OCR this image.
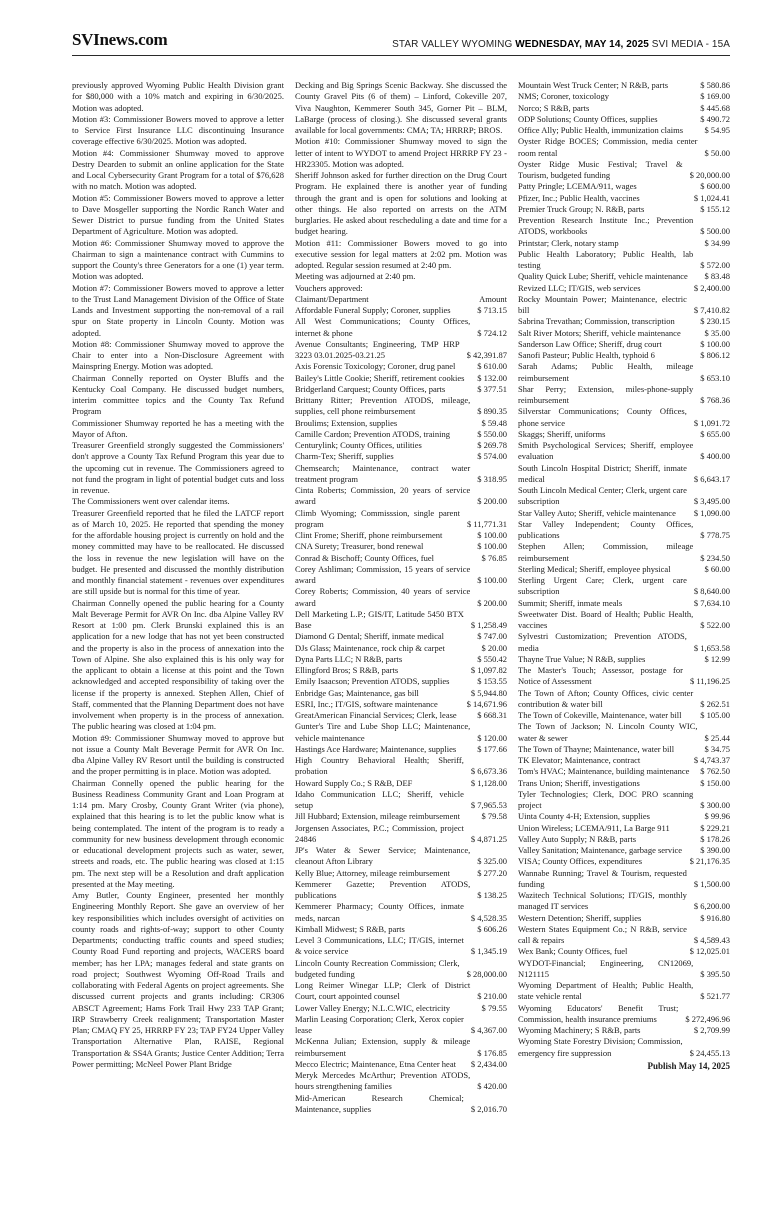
SVInews.com	STAR VALLEY WYOMING WEDNESDAY, MAY 14, 2025 SVI MEDIA - 15A

previously approved Wyoming Public Health Division grant for $80,000 with a 10% match and expiring in 6/30/2025. Motion was adopted.

Motion #3: Commissioner Bowers moved to approve a letter to Service First Insurance LLC discontinuing Insurance coverage effective 6/30/2025. Motion was adopted.

Motion #4: Commissioner Shumway moved to approve Destry Dearden to submit an online application for the State and Local Cybersecurity Grant Program for a total of $76,628 with no match. Motion was adopted.

Motion #5: Commissioner Bowers moved to approve a letter to Dave Mosgeller supporting the Nordic Ranch Water and Sewer District to pursue funding from the United States Department of Agriculture. Motion was adopted.

Motion #6: Commissioner Shumway moved to approve the Chairman to sign a maintenance contract with Cummins to support the County's three Generators for a one (1) year term. Motion was adopted.

Motion #7: Commissioner Bowers moved to approve a letter to the Trust Land Management Division of the Office of State Lands and Investment supporting the non-removal of a rail spur on State property in Lincoln County. Motion was adopted.

Motion #8: Commissioner Shumway moved to approve the Chair to enter into a Non-Disclosure Agreement with Mainspring Energy. Motion was adopted.

Chairman Connelly reported on Oyster Bluffs and the Kentucky Coal Company. He discussed budget numbers, interim committee topics and the County Tax Refund Program

Commissioner Shumway reported he has a meeting with the Mayor of Afton.

Treasurer Greenfield strongly suggested the Commissioners' don't approve a County Tax Refund Program this year due to the upcoming cut in revenue. The Commissioners agreed to not fund the program in light of potential budget cuts and loss in revenue.

The Commissioners went over calendar items.

Treasurer Greenfield reported that he filed the LATCF report as of March 10, 2025. He reported that spending the money for the affordable housing project is currently on hold and the money committed may have to be reallocated. He discussed the loss in revenue the new legislation will have on the budget. He presented and discussed the monthly distribution and monthly financial statement - revenues over expenditures are still upside but is normal for this time of year.

Chairman Connelly opened the public hearing for a County Malt Beverage Permit for AVR On Inc. dba Alpine Valley RV Resort at 1:00 pm. Clerk Brunski explained this is an application for a new lodge that has not yet been constructed and the property is also in the process of annexation into the Town of Alpine. She also explained this is his only way for the applicant to obtain a license at this point and the Town acknowledged and accepted responsibility of taking over the license if the property is annexed. Stephen Allen, Chief of Staff, commented that the Planning Department does not have involvement when property is in the process of annexation. The public hearing was closed at 1:04 pm.

Motion #9: Commissioner Shumway moved to approve but not issue a County Malt Beverage Permit for AVR On Inc. dba Alpine Valley RV Resort until the building is constructed and the proper permitting is in place. Motion was adopted.

Chairman Connelly opened the public hearing for the Business Readiness Community Grant and Loan Program at 1:14 pm. Mary Crosby, County Grant Writer (via phone), explained that this hearing is to let the public know what is being contemplated. The intent of the program is to ready a community for new business development through economic or educational development projects such as water, sewer, streets and roads, etc. The public hearing was closed at 1:15 pm. The next step will be a Resolution and draft application presented at the May meeting.

Amy Butler, County Engineer, presented her monthly Engineering Monthly Report. She gave an overview of her key responsibilities which includes oversight of activities on county roads and rights-of-way; support to other County Departments; conducting traffic counts and speed studies; County Road Fund reporting and projects, WACERS board member; has her LPA; manages federal and state grants on road project; Southwest Wyoming Off-Road Trails and collaborating with Federal Agents on project agreements. She discussed current projects and grants including: CR306 ABSCT Agreement; Hams Fork Trail Hwy 233 TAP Grant; IRP Strawberry Creek realignment; Transportation Master Plan; CMAQ FY 25, HRRRP FY 23; TAP FY24 Upper Valley Transportation Alternative Plan, RAISE, Regional Transportation & SS4A Grants; Justice Center Addition; Terra Power permitting; McNeel Power Plant Bridge

Decking and Big Springs Scenic Backway. She discussed the County Gravel Pits (6 of them) – Linford, Cokeville 207, Viva Naughton, Kemmerer South 345, Gorner Pit – BLM, LaBarge (process of closing.). She discussed several grants available for local governments: CMA; TA; HRRRP; BROS.

Motion #10: Commissioner Shumway moved to sign the letter of intent to WYDOT to amend Project HRRRP FY 23 - HR23305. Motion was adopted.

Sheriff Johnson asked for further direction on the Drug Court Program. He explained there is another year of funding through the grant and is open for solutions and looking at other things. He also reported on arrests on the ATM burglaries. He asked about rescheduling a date and time for a budget hearing.

Motion #11: Commissioner Bowers moved to go into executive session for legal matters at 2:02 pm. Motion was adopted. Regular session resumed at 2:40 pm.

Meeting was adjourned at 2:40 pm.

Vouchers approved:

Claimant/Department	Amount
Affordable Funeral Supply; Coroner, supplies	$ 713.15
All West Communications; County Offices, internet & phone	$ 724.12
Avenue Consultants; Engineering, TMP HRP 3223 03.01.2025-03.21.25	$ 42,391.87
Axis Forensic Toxicology; Coroner, drug panel	$ 610.00
Bailey's Little Cookie; Sheriff, retirement cookies	$ 132.00
Bridgerland Carquest; County Offices, parts	$ 377.51
Brittany Ritter; Prevention ATODS, mileage, supplies, cell phone reimbursement	$ 890.35
Broulims; Extension, supplies	$ 59.48
Camille Cardon; Prevention ATODS, training	$ 550.00
Centurylink; County Offices, utilities	$ 269.78
Charm-Tex; Sheriff, supplies	$ 574.00
Chemsearch; Maintenance, contract water treatment program	$ 318.95
Cinta Roberts; Commission, 20 years of service award	$ 200.00
Climb Wyoming; Commisssion, single parent program	$ 11,771.31
Clint Frome; Sheriff, phone reimbursement	$ 100.00
CNA Surety; Treasurer, bond renewal	$ 100.00
Conrad & Bischoff; County Offices, fuel	$ 76.85
Corey Ashliman; Commission, 15 years of service award	$ 100.00
Corey Roberts; Commission, 40 years of service award	$ 200.00
Dell Marketing L.P.; GIS/IT, Latitude 5450 BTX Base	$ 1,258.49
Diamond G Dental; Sheriff, inmate medical	$ 747.00
DJs Glass; Maintenance, rock chip & carpet	$ 20.00
Dyna Parts LLC; N R&B, parts	$ 550.42
Ellingford Bros; S R&B, parts	$ 1,097.82
Emily Isaacson; Prevention ATODS, supplies	$ 153.55
Enbridge Gas; Maintenance, gas bill	$ 5,944.80
ESRI, Inc.; IT/GIS, software maintenance	$ 14,671.96
GreatAmerican Financial Services; Clerk, lease	$ 668.31
Gunter's Tire and Lube Shop LLC; Maintenance, vehicle maintenance	$ 120.00
Hastings Ace Hardware; Maintenance, supplies	$ 177.66
High Country Behavioral Health; Sheriff, probation	$ 6,673.36
Howard Supply Co.; S R&B, DEF	$ 1,128.00
Idaho Communication LLC; Sheriff, vehicle setup	$ 7,965.53
Jill Hubbard; Extension, mileage reimbursement	$ 79.58
Jorgensen Associates, P.C.; Commission, project 24846	$ 4,871.25
JP's Water & Sewer Service; Maintenance, cleanout Afton Library	$ 325.00
Kelly Blue; Attorney, mileage reimbursement	$ 277.20
Kemmerer Gazette; Prevention ATODS, publications	$ 138.25
Kemmerer Pharmacy; County Offices, inmate meds, narcan	$ 4,528.35
Kimball Midwest; S R&B, parts	$ 606.26
Level 3 Communications, LLC; IT/GIS, internet & voice service	$ 1,345.19
Lincoln County Recreation Commission; Clerk, budgeted funding	$ 28,000.00
Long Reimer Winegar LLP; Clerk of District Court, court appointed counsel	$ 210.00
Lower Valley Energy; N.L.C.WIC, electricity	$ 79.55
Marlin Leasing Corporation; Clerk, Xerox copier lease	$ 4,367.00
McKenna Julian; Extension, supply & mileage reimbursement	$ 176.85
Mecco Electric; Maintenance, Etna Center heat	$ 2,434.00
Meryk Mercedes McArthur; Prevention ATODS, hours strengthening families	$ 420.00
Mid-American Research Chemical; Maintenance, supplies	$ 2,016.70
Mountain West Truck Center; N R&B, parts	$ 580.86
NMS; Coroner, toxicology	$ 169.00
Norco; S R&B, parts	$ 445.68
ODP Solutions; County Offices, supplies	$ 490.72
Office Ally; Public Health, immunization claims	$ 54.95
Oyster Ridge BOCES; Commission, media center room rental	$ 50.00
Oyster Ridge Music Festival; Travel & Tourism, budgeted funding	$ 20,000.00
Patty Pringle; LCEMA/911, wages	$ 600.00
Pfizer, Inc.; Public Health, vaccines	$ 1,024.41
Premier Truck Group; N. R&B, parts	$ 155.12
Prevention Research Institute Inc.; Prevention ATODS, workbooks	$ 500.00
Printstar; Clerk, notary stamp	$ 34.99
Public Health Laboratory; Public Health, lab testing	$ 572.00
Quality Quick Lube; Sheriff, vehicle maintenance	$ 83.48
Revized LLC; IT/GIS, web services	$ 2,400.00
Rocky Mountain Power; Maintenance, electric bill	$ 7,410.82
Sabrina Trevathan; Commission, transcription	$ 230.15
Salt River Motors; Sheriff, vehicle maintenance	$ 35.00
Sanderson Law Office; Sheriff, drug court	$ 100.00
Sanofi Pasteur; Public Health, typhoid 6	$ 806.12
Sarah Adams; Public Health, mileage reimbursement	$ 653.10
Shar Perry; Extension, miles-phone-supply reimbursement	$ 768.36
Silverstar Communications; County Offices, phone service	$ 1,091.72
Skaggs; Sheriff, uniforms	$ 655.00
Smith Psychological Services; Sheriff, employee evaluation	$ 400.00
South Lincoln Hospital District; Sheriff, inmate medical	$ 6,643.17
South Lincoln Medical Center; Clerk, urgent care subscription	$ 3,495.00
Star Valley Auto; Sheriff, vehicle maintenance	$ 1,090.00
Star Valley Independent; County Offices, publications	$ 778.75
Stephen Allen; Commission, mileage reimbursement	$ 234.50
Sterling Medical; Sheriff, employee physical	$ 60.00
Sterling Urgent Care; Clerk, urgent care subscription	$ 8,640.00
Summit; Sheriff, inmate meals	$ 7,634.10
Sweetwater Dist. Board of Health; Public Health, vaccines	$ 522.00
Sylvestri Customization; Prevention ATODS, media	$ 1,653.58
Thayne True Value; N R&B, supplies	$ 12.99
The Master's Touch; Assessor, postage for Notice of Assessment	$ 11,196.25
The Town of Afton; County Offices, civic center contribution & water bill	$ 262.51
The Town of Cokeville, Maintenance, water bill	$ 105.00
The Town of Jackson; N. Lincoln County WIC, water & sewer	$ 25.44
The Town of Thayne; Maintenance, water bill	$ 34.75
TK Elevator; Maintenance, contract	$ 4,743.37
Tom's HVAC; Maintenance, building maintenance	$ 762.50
Trans Union; Sheriff, investigations	$ 150.00
Tyler Technologies; Clerk, DOC PRO scanning project	$ 300.00
Uinta County 4-H; Extension, supplies	$ 99.96
Union Wireless; LCEMA/911, La Barge 911	$ 229.21
Valley Auto Supply; N R&B, parts	$ 178.26
Valley Sanitation; Maintenance, garbage service	$ 390.00
VISA; County Offices, expenditures	$ 21,176.35
Wannabe Running; Travel & Tourism, requested funding	$ 1,500.00
Wazitech Technical Solutions; IT/GIS, monthly managed IT services	$ 6,200.00
Western Detention; Sheriff, supplies	$ 916.80
Western States Equipment Co.; N R&B, service call & repairs	$ 4,589.43
Wex Bank; County Offices, fuel	$ 12,025.01
WYDOT-Financial; Engineering, CN12069, N121115	$ 395.50
Wyoming Department of Health; Public Health, state vehicle rental	$ 521.77
Wyoming Educators' Benefit Trust; Commission, health insurance premiums	$ 272,496.96
Wyoming Machinery; S R&B, parts	$ 2,709.99
Wyoming State Forestry Division; Commission, emergency fire suppression	$ 24,455.13
Publish May 14, 2025
